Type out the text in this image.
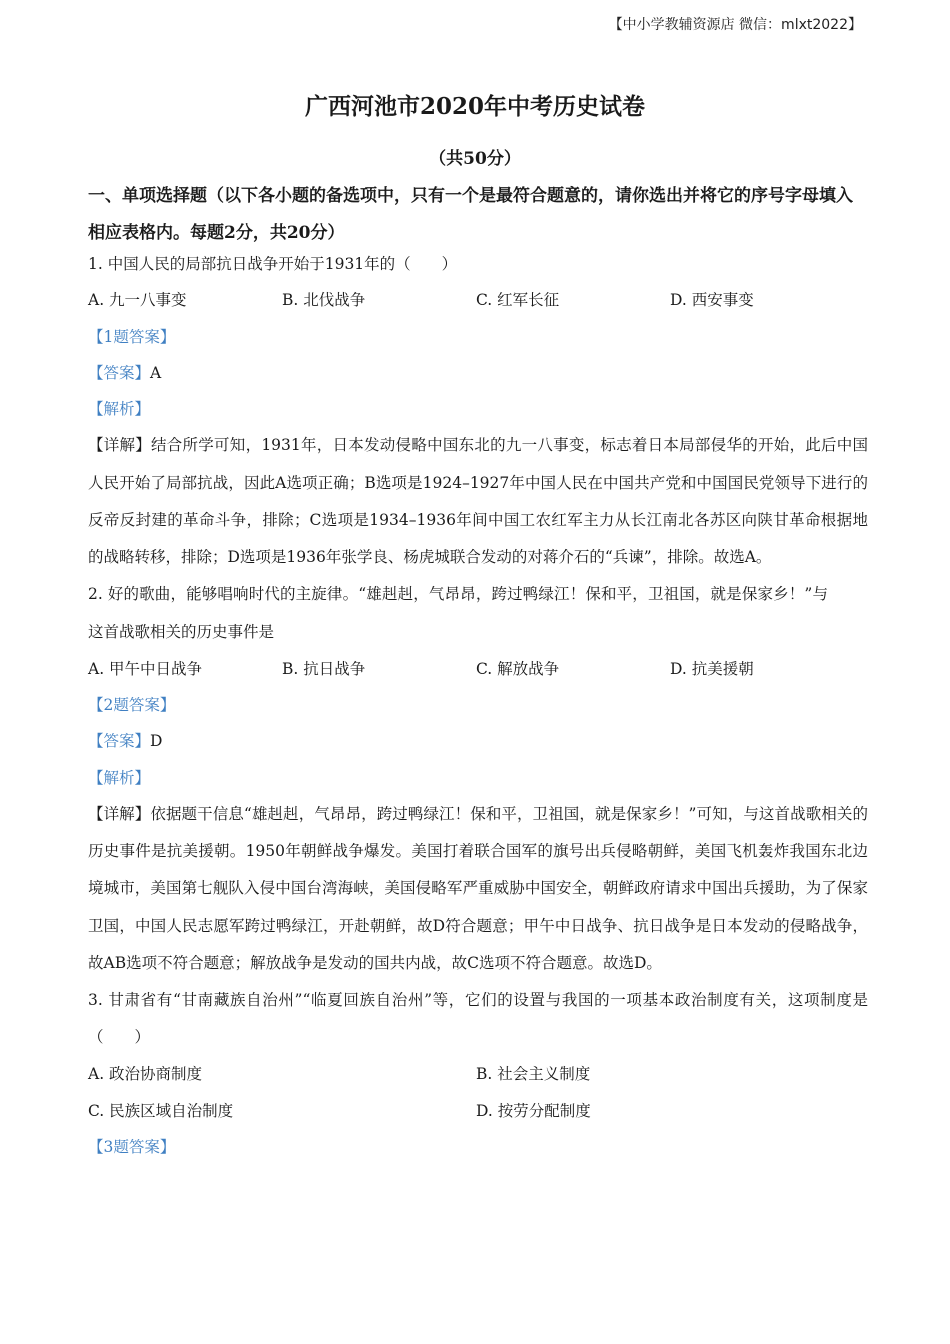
【中小学教辅资源店 微信：mlxt2022】
广西河池市2020年中考历史试卷
（共50分）
一、单项选择题（以下各小题的备选项中，只有一个是最符合题意的，请你选出并将它的序号字母填入相应表格内。每题2分，共20分）
1. 中国人民的局部抗日战争开始于1931年的（　　）
A. 九一八事变	B. 北伐战争	C. 红军长征	D. 西安事变
【1题答案】
【答案】A
【解析】
【详解】结合所学可知，1931年，日本发动侵略中国东北的九一八事变，标志着日本局部侵华的开始，此后中国人民开始了局部抗战，因此A选项正确；B选项是1924–1927年中国人民在中国共产党和中国国民党领导下进行的反帝反封建的革命斗争，排除；C选项是1934–1936年间中国工农红军主力从长江南北各苏区向陕甘革命根据地的战略转移，排除；D选项是1936年张学良、杨虎城联合发动的对蒋介石的“兵谏”，排除。故选A。
2. 好的歌曲，能够唱响时代的主旋律。“雄赳赳，气昂昂，跨过鸭绿江！保和平，卫祖国，就是保家乡！”与这首战歌相关的历史事件是
A. 甲午中日战争	B. 抗日战争	C. 解放战争	D. 抗美援朝
【2题答案】
【答案】D
【解析】
【详解】依据题干信息“雄赳赳，气昂昂，跨过鸭绿江！保和平，卫祖国，就是保家乡！”可知，与这首战歌相关的历史事件是抗美援朝。1950年朝鲜战争爆发。美国打着联合国军的旗号出兵侵略朝鲜，美国飞机轰炸我国东北边境城市，美国第七舰队入侵中国台湾海峡，美国侵略军严重威胁中国安全，朝鲜政府请求中国出兵援助，为了保家卫国，中国人民志愿军跨过鸭绿江，开赴朝鲜，故D符合题意；甲午中日战争、抗日战争是日本发动的侵略战争，故AB选项不符合题意；解放战争是发动的国共内战，故C选项不符合题意。故选D。
3. 甘肃省有“甘南藏族自治州”“临夏回族自治州”等，它们的设置与我国的一项基本政治制度有关，这项制度是（　　）
A. 政治协商制度	B. 社会主义制度
C. 民族区域自治制度	D. 按劳分配制度
【3题答案】
